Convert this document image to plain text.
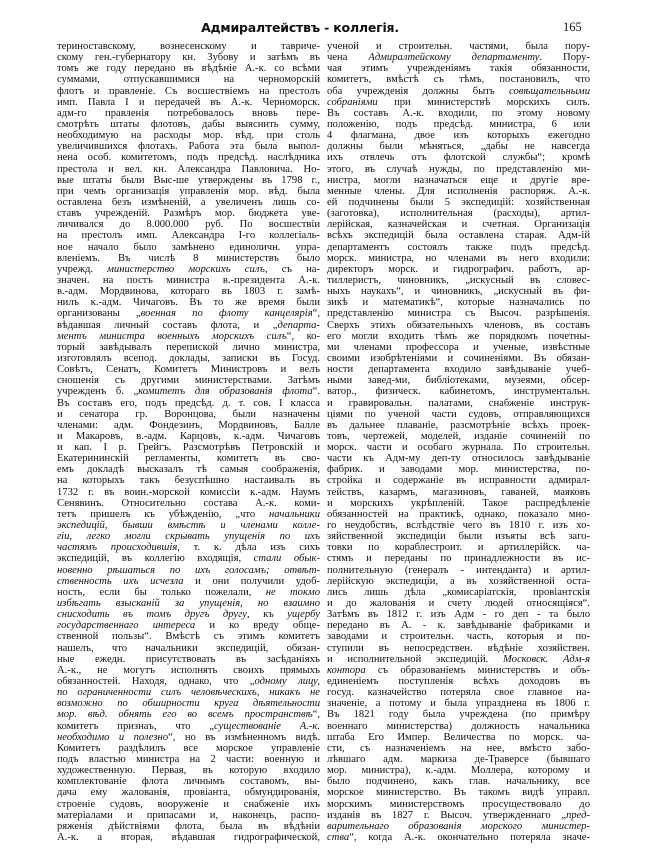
Адмиралтействъ - коллегія.	165
териноставскому, вознесенскому и тавриче-
скому ген.-губернатору кн. Зубову и затѣмъ въ
томъ же году передано въ вѣдѣніе А.-к. со всѣми
суммами, отпускавшимися на черноморскій
флотъ и правленіе. Съ восшествіемъ на престолъ
имп. Павла I и передачей въ А.-к. Черноморск.
адм-го правленія потребовалось вновь пере-
смотрѣть штаты флотовъ, дабы выяснить сумму,
необходимую на расходы мор. вѣд. при столь
увеличившихся флотахъ. Работа эта была выпол-
нена особ. комитетомъ, подъ предсѣд. наслѣдника
престола и вел. кн. Александра Павловича. Но-
вые штаты были Выс-ше утверждены въ 1798 г.,
при чемъ организація управленія мор. вѣд. была
оставлена безъ измѣненій, а увеличенъ лишь со-
ставъ учрежденій. Размѣръ мор. бюджета уве-
личивался до 8.000.000 руб. По восшествіи
на престолъ имп. Александра I-го коллегіаль-
ное начало было замѣнено единоличн. упра-
вленіемъ. Въ числѣ 8 министерствъ было
учрежд. министерство морскихъ силъ, съ на-
значен. на постъ министра в.-президента А.-к.
в.-адм. Мордвинова, котораго въ 1803 г. замѣ-
нилъ к.-адм. Чичаговъ. Въ то же время были
организованы „военная по флоту канцелярія“,
вѣдавшая личный составъ флота, и „департа-
ментъ министра военныхъ морскихъ силъ“, ко-
торый завѣдывалъ перепиской лично министра,
изготовлялъ всепод. доклады, записки въ Госуд.
Совѣтъ, Сенатъ, Комитетъ Министровъ и велъ
сношенія съ другими министерствами. Затѣмъ
учрежденъ б. „комитетъ для образованія флота“.
Въ составъ его, подъ предсѣд. д. т. сов. I класса
и сенатора гр. Воронцова, были назначены
членами: адм. Фондезинъ, Мордвиновъ, Балле
и Макаровъ, в.-адм. Карцовъ, к.-адм. Чичаговъ
и кап. I р. Грейгъ. Разсмотрѣвъ Петровскій и
Екатерининскій регламенты, комитетъ въ сво-
емъ докладѣ высказалъ тѣ самыя соображенія,
на которыхъ такъ безуспѣшно настаивалъ въ
1732 г. въ воин.-морской комиссіи к.-адм. Наумъ
Сенявинъ. Относительно состава А.-к. коми-
тетъ пришелъ къ убѣжденію, „что начальники
экспедицій, бывши вмѣстѣ и членами колле-
гіи, легко могли скрывать упущенія по ихъ
частямъ происходившія, т. к. дѣла изъ сихъ
экспедицій, въ коллегію входящія, стали обык-
новенно рѣшаться по ихъ голосамъ; отвѣт-
ственность ихъ исчезла и они получили удоб-
ность, если бы только пожелали, не токмо
избѣгать взысканій за упущенія, но взаимно
снисходить въ томъ другъ другу, къ ущербу
государственнаго интереса и ко вреду обще-
ственной пользы“. Вмѣстѣ съ этимъ комитетъ
нашелъ, что начальники экспедицій, обязан-
ные ежедн. присутствовать въ засѣданіяхъ
А.-к., не могутъ исполнять своихъ прямыхъ
обязанностей. Находя, однако, что „одному лицу,
по ограниченности силъ человѣческихъ, никакъ не
возможно по обширности круга дѣятельности
мор. вѣд. обнять его во всемъ пространствѣ“,
комитетъ признаъ, что „существованіе А.-к.
необходимо и полезно“, но въ измѣненномъ видѣ.
Комитетъ раздѣлилъ все морское управленіе
подъ властью министра на 2 части: военную и
художественную. Первая, въ которую входило
комплектованіе флота личнымъ составомъ, вы-
дача ему жалованія, провіанта, обмундированія,
строеніе судовъ, вооруженіе и снабженіе ихъ
матеріалами и припасами и, наконецъ, распо-
ряженія дѣйствіями флота, была въ вѣдѣніи
А.-к. а вторая, вѣдавшая гидрографической,
ученой и строительн. частями, была пору-
чена Адмиралтейскому департаменту. Пору-
чая этимъ учрежденіямъ такія обязанности,
комитетъ, вмѣстѣ съ тѣмъ, постановилъ, что
оба учрежденія должны быть совѣщательными
собраніями при министерствѣ морскихъ силъ.
Въ составъ А.-к. входили, по этому новому
положенію, подъ предсѣд. министра, 6 или
4 флагмана, двое изъ которыхъ ежегодно
должны были мѣняться, „дабы не навсегда
ихъ отвлечь отъ флотской службы“; кромѣ
этого, въ случаѣ нужды, по представленію ми-
нистра, могли назначаться еще и другіе вре-
менные члены. Для исполненія распоряж. А.-к.
ей подчинены были 5 экспедицій: хозяйственная
(заготовка), исполнительная (расходы), артил-
лерійская, казначейская и счетная. Организація
всѣхъ экспедицій была оставлена старая. Адм-ій
департаментъ состоялъ также подъ предсѣд.
морск. министра, но членами въ него входили:
директоръ морск. и гидрографич. работъ, ар-
тиллеристъ, чиновникъ, „искусный въ словес-
ныхъ наукахъ“, и чиновникъ, „искусный въ фи-
зикѣ и математикѣ“, которые назначались по
представленію министра съ Высоч. разрѣшенія.
Сверхъ этихъ обязательныхъ членовъ, въ составъ
его могли входить тѣмъ же порядкомъ почетны-
ми членами профессора и ученые, извѣстные
своими изобрѣтеніями и сочиненіями. Въ обязан-
ности департамента входило завѣдываніе учеб-
ными завед-ми, библіотеками, музеями, обсер-
ватор., физическ. кабинетомъ, инструментальн.
и гравировальн. палатами, снабженіе инструк-
ціями по ученой части судовъ, отправляющихся
въ дальнее плаваніе, разсмотрѣніе всѣхъ проек-
товъ, чертежей, моделей, изданіе сочиненій по
морск. части и особаго журнала. По строительн.
части къ Адм-му деп-ту относилось завѣдываніе
фабрик. и заводами мор. министерства, по-
стройка и содержаніе въ исправности адмирал-
тействъ, казармъ, магазиновъ, гаваней, маяковъ
и морскихъ укрѣпленій. Такое распредѣленіе
обязанностей на практикѣ, однако, показало мно-
го неудобствъ, вслѣдствіе чего въ 1810 г. изъ хо-
зяйственной экспедиціи были изъяты всѣ заго-
товки по кораблестроит. и артиллерійск. ча-
стямъ и переданы по принадлежности въ ис-
полнительную (генералъ - интенданта) и артил-
лерійскую экспедиціи, а въ хозяйственной оста-
лись лишь дѣла „комисаріатскія, провіантскія
и до жалованія и счету людей относящіяся“.
Затѣмъ въ 1812 г. изъ Адм - го деп - та было
передано въ А. - к. завѣдываніе фабриками и
заводами и строительн. часть, которыя и по-
ступили въ непосредствен. вѣдѣніе хозяйствен.
и исполнительной экспедицій. Московск. Адм-я
контора съ образованіемъ министерствъ и объ-
единеніемъ поступленія всѣхъ доходовъ въ
госуд. казначейство потеряла свое главное на-
значеніе, а потому и была упразднена въ 1806 г.
Въ 1821 году была учреждена (по примѣру
военнаго министерства) должность начальника
штаба Его Импер. Величества по морск. ча-
сти, съ назначеніемъ на нее, вмѣсто забо-
лѣвшаго адм. маркиза де-Траверсе (бывшаго
мор. министра), к.-адм. Моллера, которому и
было подчинено, какъ глав. начальнику, все
морское министерство. Въ такомъ видѣ управл.
морскимъ министерствомъ просуществовало до
изданія въ 1827 г. Высоч. утвержденнаго „пред-
варительнаго образованія морского министер-
ства“, когда А.-к. окончательно потеряла значе-
